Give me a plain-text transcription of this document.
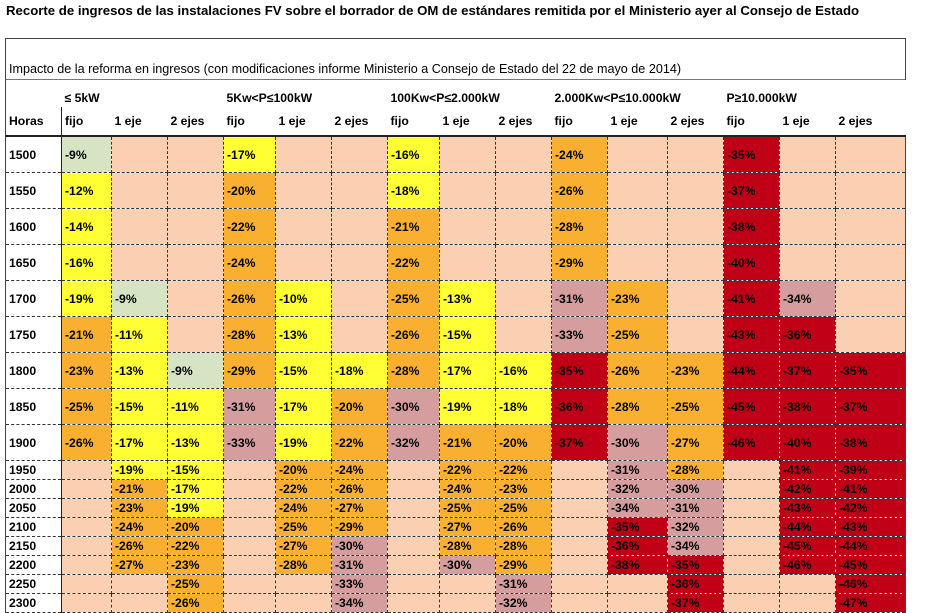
Recorte de ingresos de las instalaciones FV sobre el borrador de OM de estándares remitida por el Ministerio ayer al Consejo de Estado

Impacto de la reforma en ingresos (con modificaciones informe Ministerio a Consejo de Estado del 22 de mayo de 2014)															
	≤ 5kW			5Kw<P≤100kW			100Kw<P≤2.000kW			2.000Kw<P≤10.000kW			P≥10.000kW		
Horas	fijo	1 eje	2 ejes	fijo	1 eje	2 ejes	fijo	1 eje	2 ejes	fijo	1 eje	2 ejes	fijo	1 eje	2 ejes
1500	-9%			-17%			-16%			-24%			-35%		
1550	-12%			-20%			-18%			-26%			-37%		
1600	-14%			-22%			-21%			-28%			-38%		
1650	-16%			-24%			-22%			-29%			-40%		
1700	-19%	-9%		-26%	-10%		-25%	-13%		-31%	-23%		-41%	-34%	
1750	-21%	-11%		-28%	-13%		-26%	-15%		-33%	-25%		-43%	-36%	
1800	-23%	-13%	-9%	-29%	-15%	-18%	-28%	-17%	-16%	-35%	-26%	-23%	-44%	-37%	-35%
1850	-25%	-15%	-11%	-31%	-17%	-20%	-30%	-19%	-18%	-36%	-28%	-25%	-45%	-38%	-37%
1900	-26%	-17%	-13%	-33%	-19%	-22%	-32%	-21%	-20%	-37%	-30%	-27%	-46%	-40%	-38%
1950		-19%	-15%		-20%	-24%		-22%	-22%		-31%	-28%		-41%	-39%
2000		-21%	-17%		-22%	-26%		-24%	-23%		-32%	-30%		-42%	-41%
2050		-23%	-19%		-24%	-27%		-25%	-25%		-34%	-31%		-43%	-42%
2100		-24%	-20%		-25%	-29%		-27%	-26%		-35%	-32%		-44%	-43%
2150		-26%	-22%		-27%	-30%		-28%	-28%		-36%	-34%		-45%	-44%
2200		-27%	-23%		-28%	-31%		-30%	-29%		-38%	-35%		-46%	-45%
2250			-25%			-33%			-31%			-36%			-46%
2300			-26%			-34%			-32%			-37%			-47%
